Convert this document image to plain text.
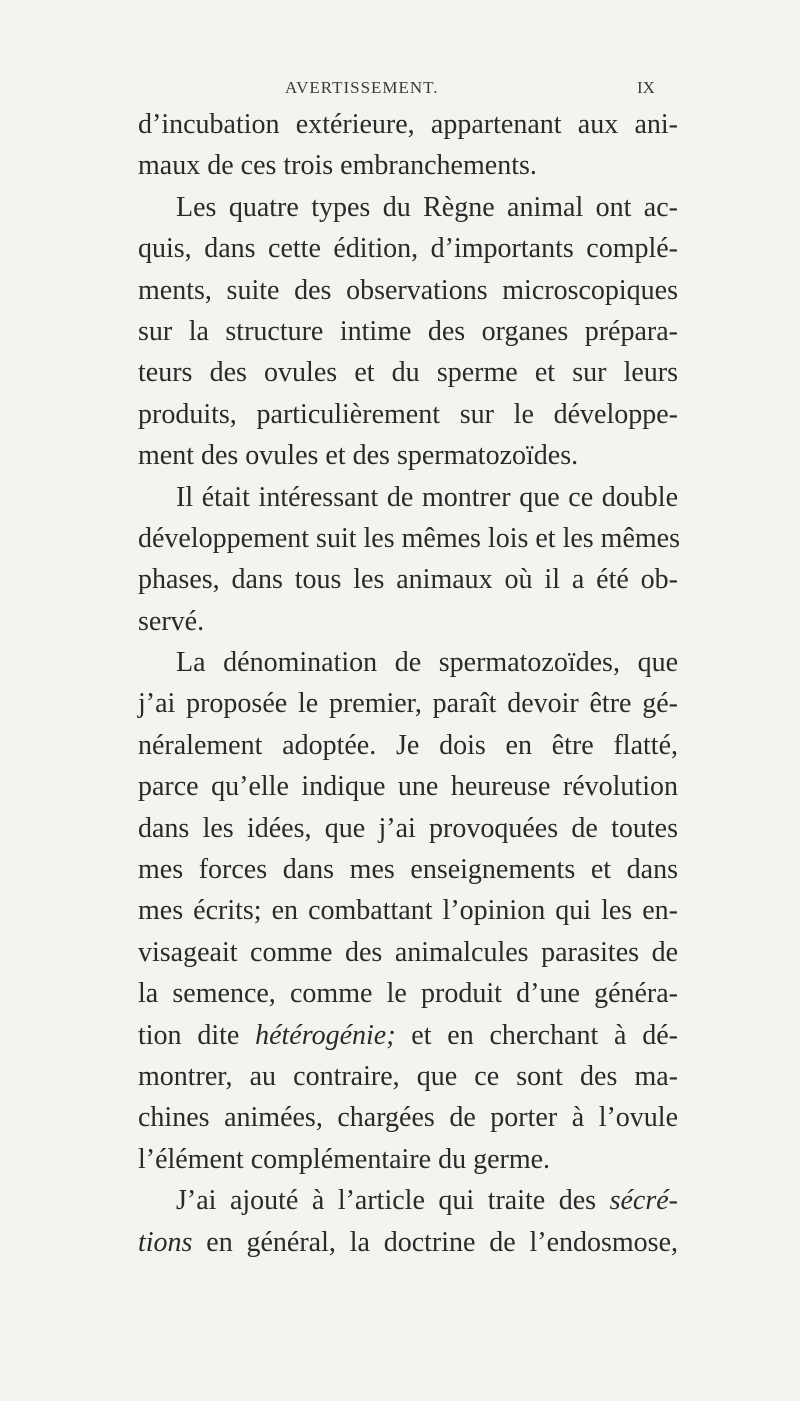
AVERTISSEMENT.	IX
d’incubation extérieure, appartenant aux ani-
maux de ces trois embranchements.
Les quatre types du Règne animal ont ac-
quis, dans cette édition, d’importants complé-
ments, suite des observations microscopiques
sur la structure intime des organes prépara-
teurs des ovules et du sperme et sur leurs
produits, particulièrement sur le développe-
ment des ovules et des spermatozoïdes.
Il était intéressant de montrer que ce double
développement suit les mêmes lois et les mêmes
phases, dans tous les animaux où il a été ob-
servé.
La dénomination de spermatozoïdes, que
j’ai proposée le premier, paraît devoir être gé-
néralement adoptée. Je dois en être flatté,
parce qu’elle indique une heureuse révolution
dans les idées, que j’ai provoquées de toutes
mes forces dans mes enseignements et dans
mes écrits; en combattant l’opinion qui les en-
visageait comme des animalcules parasites de
la semence, comme le produit d’une généra-
tion dite hétérogénie; et en cherchant à dé-
montrer, au contraire, que ce sont des ma-
chines animées, chargées de porter à l’ovule
l’élément complémentaire du germe.
J’ai ajouté à l’article qui traite des sécré-
tions en général, la doctrine de l’endosmose,
